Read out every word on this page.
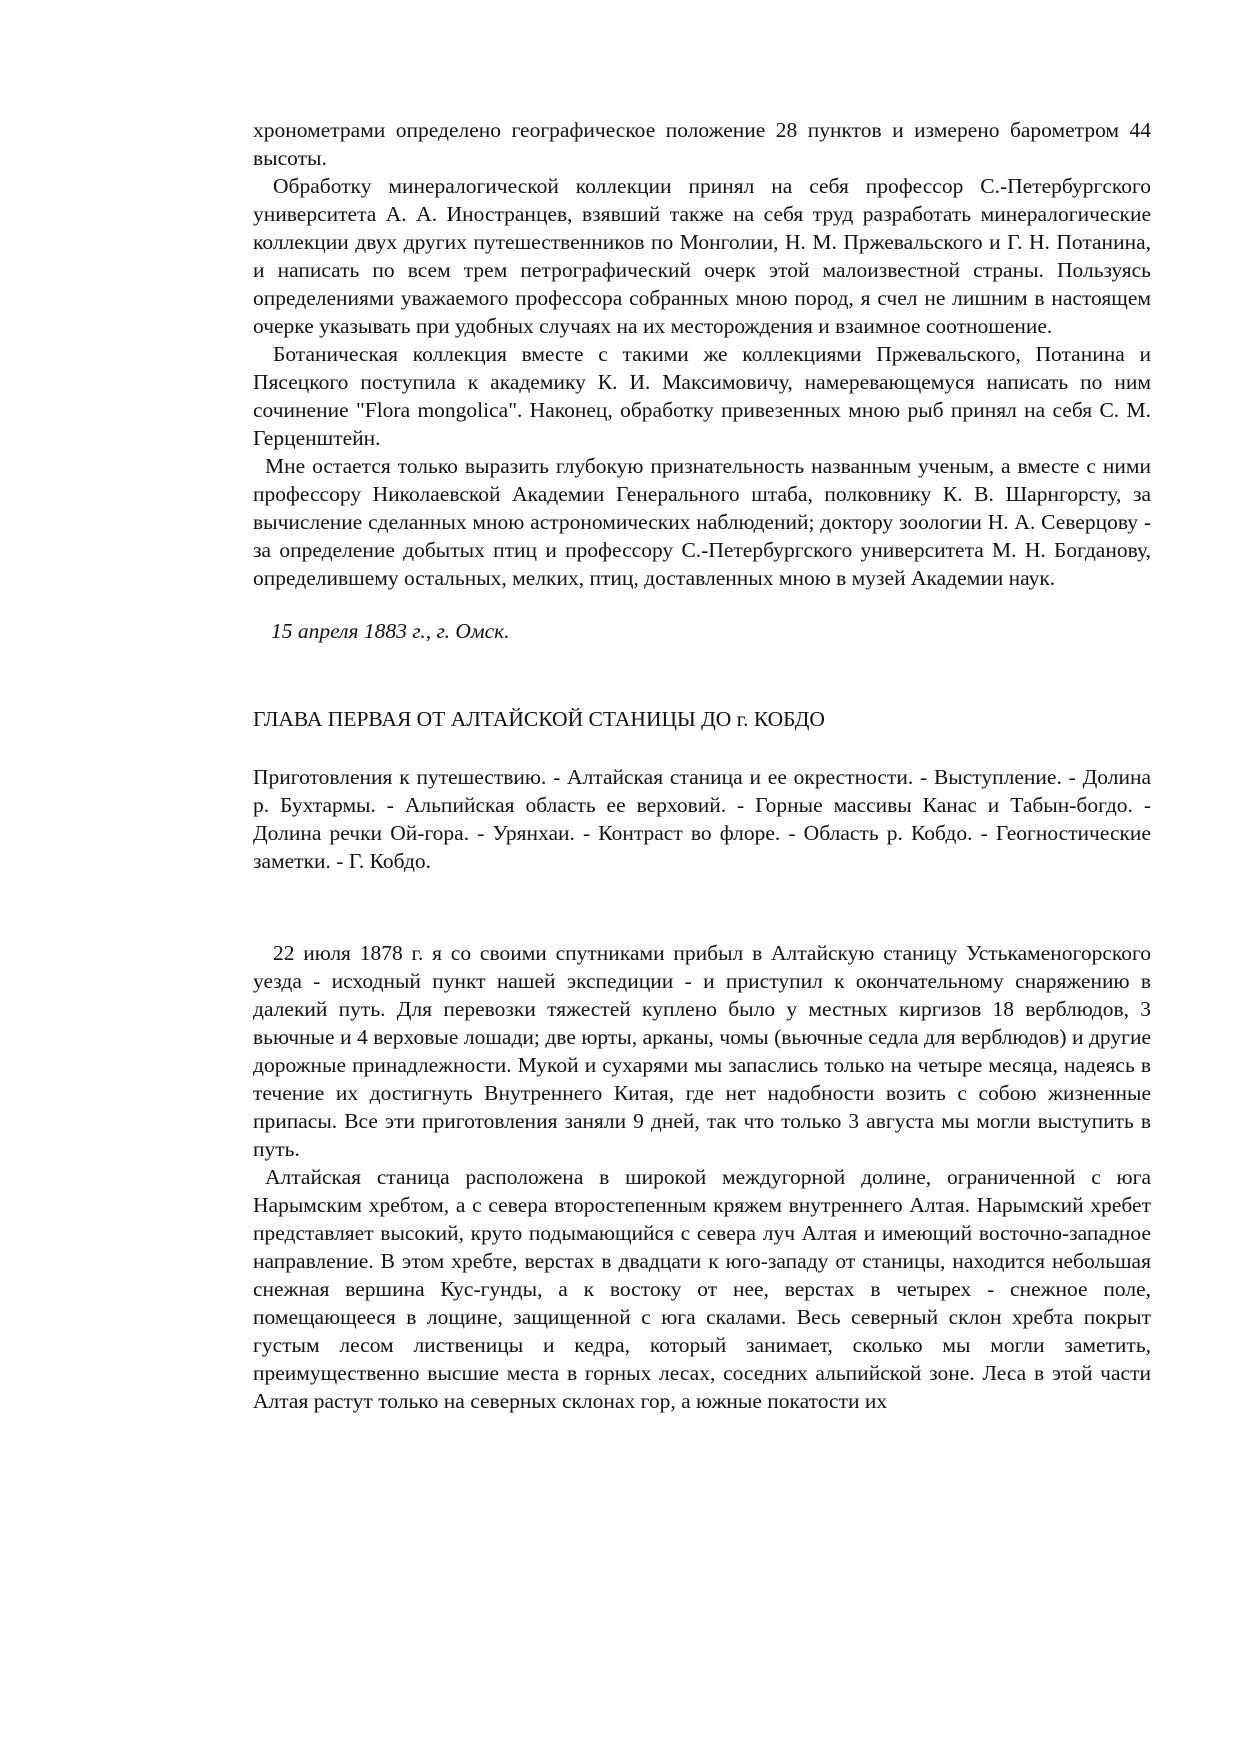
хронометрами определено географическое положение 28 пунктов и измерено барометром 44 высоты.

Обработку минералогической коллекции принял на себя профессор С.-Петербургского университета А. А. Иностранцев, взявший также на себя труд разработать минералогические коллекции двух других путешественников по Монголии, Н. М. Пржевальского и Г. Н. Потанина, и написать по всем трем петрографический очерк этой малоизвестной страны. Пользуясь определениями уважаемого профессора собранных мною пород, я счел не лишним в настоящем очерке указывать при удобных случаях на их месторождения и взаимное соотношение.

Ботаническая коллекция вместе с такими же коллекциями Пржевальского, Потанина и Пясецкого поступила к академику К. И. Максимовичу, намеревающемуся написать по ним сочинение "Flora mongolica". Наконец, обработку привезенных мною рыб принял на себя С. М. Герценштейн.

Мне остается только выразить глубокую признательность названным ученым, а вместе с ними профессору Николаевской Академии Генерального штаба, полковнику К. В. Шарнгорсту, за вычисление сделанных мною астрономических наблюдений; доктору зоологии Н. А. Северцову - за определение добытых птиц и профессору С.-Петербургского университета М. Н. Богданову, определившему остальных, мелких, птиц, доставленных мною в музей Академии наук.

15 апреля 1883 г., г. Омск.

ГЛАВА ПЕРВАЯ ОТ АЛТАЙСКОЙ СТАНИЦЫ ДО г. КОБДО

Приготовления к путешествию. - Алтайская станица и ее окрестности. - Выступление. - Долина р. Бухтармы. - Альпийская область ее верховий. - Горные массивы Канас и Табын-богдо. - Долина речки Ой-гора. - Урянхаи. - Контраст во флоре. - Область р. Кобдо. - Геогностические заметки. - Г. Кобдо.

22 июля 1878 г. я со своими спутниками прибыл в Алтайскую станицу Устькаменогорского уезда - исходный пункт нашей экспедиции - и приступил к окончательному снаряжению в далекий путь. Для перевозки тяжестей куплено было у местных киргизов 18 верблюдов, 3 вьючные и 4 верховые лошади; две юрты, арканы, чомы (вьючные седла для верблюдов) и другие дорожные принадлежности. Мукой и сухарями мы запаслись только на четыре месяца, надеясь в течение их достигнуть Внутреннего Китая, где нет надобности возить с собою жизненные припасы. Все эти приготовления заняли 9 дней, так что только 3 августа мы могли выступить в путь.

Алтайская станица расположена в широкой междугорной долине, ограниченной с юга Нарымским хребтом, а с севера второстепенным кряжем внутреннего Алтая. Нарымский хребет представляет высокий, круто подымающийся с севера луч Алтая и имеющий восточно-западное направление. В этом хребте, верстах в двадцати к юго-западу от станицы, находится небольшая снежная вершина Кус-гунды, а к востоку от нее, верстах в четырех - снежное поле, помещающееся в лощине, защищенной с юга скалами. Весь северный склон хребта покрыт густым лесом лиственицы и кедра, который занимает, сколько мы могли заметить, преимущественно высшие места в горных лесах, соседних альпийской зоне. Леса в этой части Алтая растут только на северных склонах гор, а южные покатости их
